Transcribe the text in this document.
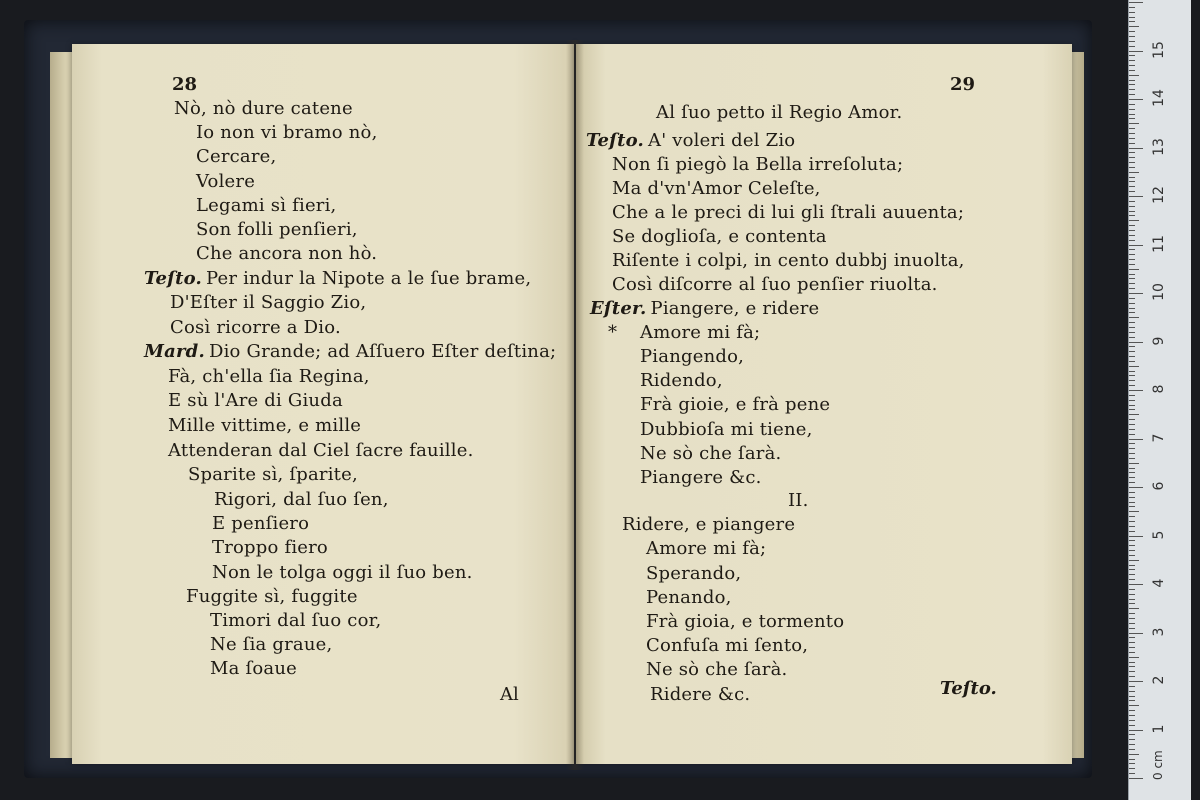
28
Nò, nò dure catene
Io non vi bramo nò,
Cercare,
Volere
Legami sì fieri,
Son folli penſieri,
Che ancora non hò.
Teſto. Per indur la Nipote a le ſue brame,
D'Eſter il Saggio Zio,
Così ricorre a Dio.
Mard. Dio Grande; ad Aſſuero Eſter deſtina;
Fà, ch'ella ſia Regina,
E sù l'Are di Giuda
Mille vittime, e mille
Attenderan dal Ciel ſacre fauille.
Sparite sì, ſparite,
Rigori, dal ſuo ſen,
E penſiero
Troppo fiero
Non le tolga oggi il ſuo ben.
Fuggite sì, fuggite
Timori dal ſuo cor,
Ne ſia graue,
Ma ſoaue
Al
29
Al ſuo petto il Regio Amor.
Teſto. A' voleri del Zio
Non ſi piegò la Bella irreſoluta;
Ma d'vn'Amor Celeſte,
Che a le preci di lui gli ſtrali auuenta;
Se doglioſa, e contenta
Riſente i colpi, in cento dubbj inuolta,
Così diſcorre al ſuo penſier riuolta.
Eſter. Piangere, e ridere
* Amore mi fà;
Piangendo,
Ridendo,
Frà gioie, e frà pene
Dubbioſa mi tiene,
Ne sò che ſarà.
Piangere &c.
II.
Ridere, e piangere
Amore mi fà;
Sperando,
Penando,
Frà gioia, e tormento
Confuſa mi ſento,
Ne sò che ſarà.
Ridere &c.	Teſto.
0 cm
1
2
3
4
5
6
7
8
9
10
11
12
13
14
15
